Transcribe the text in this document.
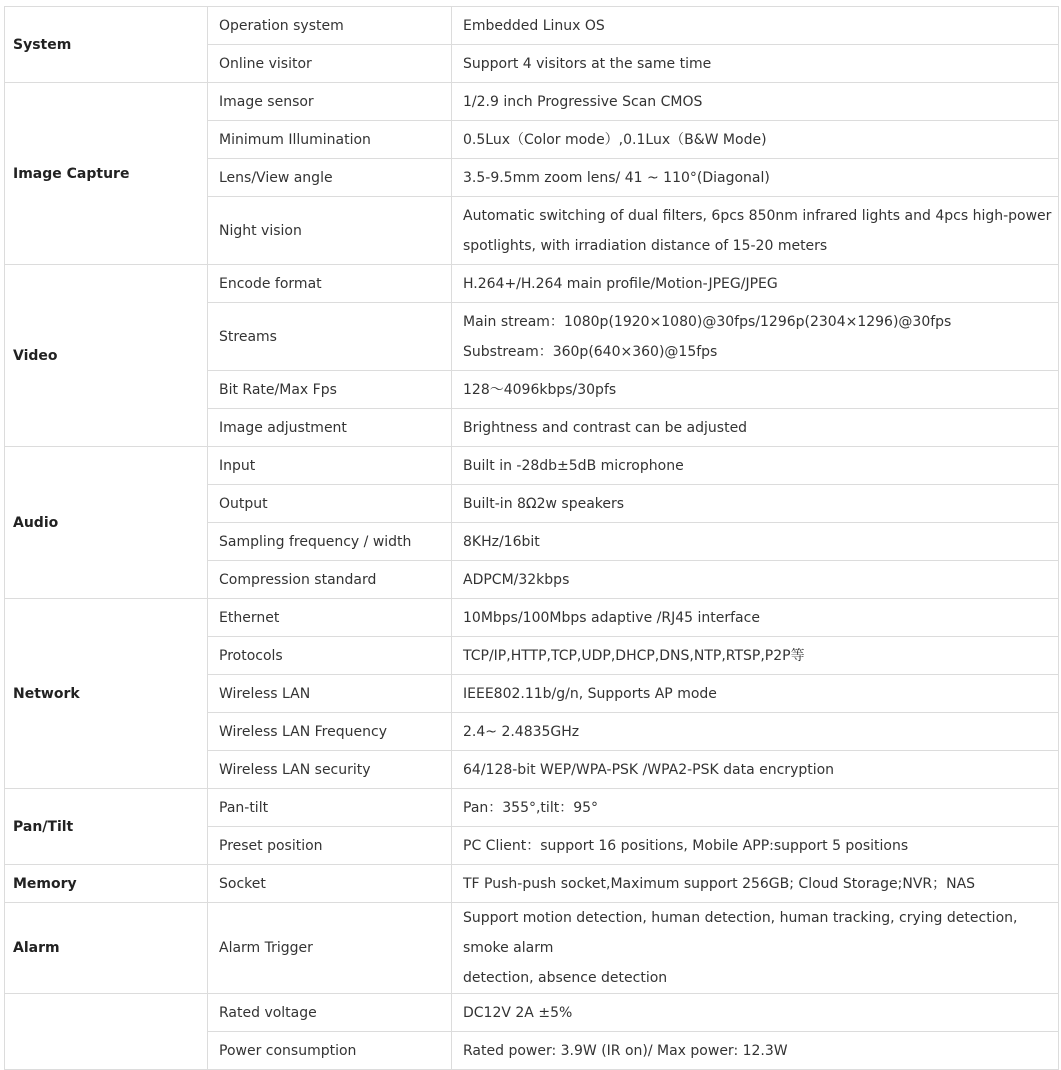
System	Operation system	Embedded Linux OS

	Online visitor	Support 4 visitors at the same time

Image Capture	Image sensor	1/2.9 inch Progressive Scan CMOS

	Minimum Illumination	0.5Lux（Color mode）,0.1Lux（B&W Mode)

	Lens/View angle	3.5-9.5mm zoom lens/ 41 ~ 110°(Diagonal)

	Night vision	Automatic switching of dual filters, 6pcs 850nm infrared lights and 4pcs high-power
spotlights, with irradiation distance of 15-20 meters

Video	Encode format	H.264+/H.264 main profile/Motion-JPEG/JPEG

	Streams	Main stream：1080p(1920×1080)@30fps/1296p(2304×1296)@30fps
Substream：360p(640×360)@15fps

	Bit Rate/Max Fps	128～4096kbps/30pfs

	Image adjustment	Brightness and contrast can be adjusted

Audio	Input	Built in -28db±5dB microphone

	Output	Built-in 8Ω2w speakers

	Sampling frequency / width	8KHz/16bit

	Compression standard	ADPCM/32kbps

Network	Ethernet	10Mbps/100Mbps adaptive /RJ45 interface

	Protocols	TCP/IP,HTTP,TCP,UDP,DHCP,DNS,NTP,RTSP,P2P等

	Wireless LAN	IEEE802.11b/g/n, Supports AP mode

	Wireless LAN Frequency	2.4~ 2.4835GHz

	Wireless LAN security	64/128-bit WEP/WPA-PSK /WPA2-PSK data encryption

Pan/Tilt	Pan-tilt	Pan：355°,tilt：95°

	Preset position	PC Client：support 16 positions, Mobile APP:support 5 positions

Memory	Socket	TF Push-push socket,Maximum support 256GB; Cloud Storage;NVR；NAS

Alarm	Alarm Trigger	Support motion detection, human detection, human tracking, crying detection, smoke alarm
detection, absence detection

	Rated voltage	DC12V 2A ±5%

	Power consumption	Rated power: 3.9W (IR on)/ Max power: 12.3W
